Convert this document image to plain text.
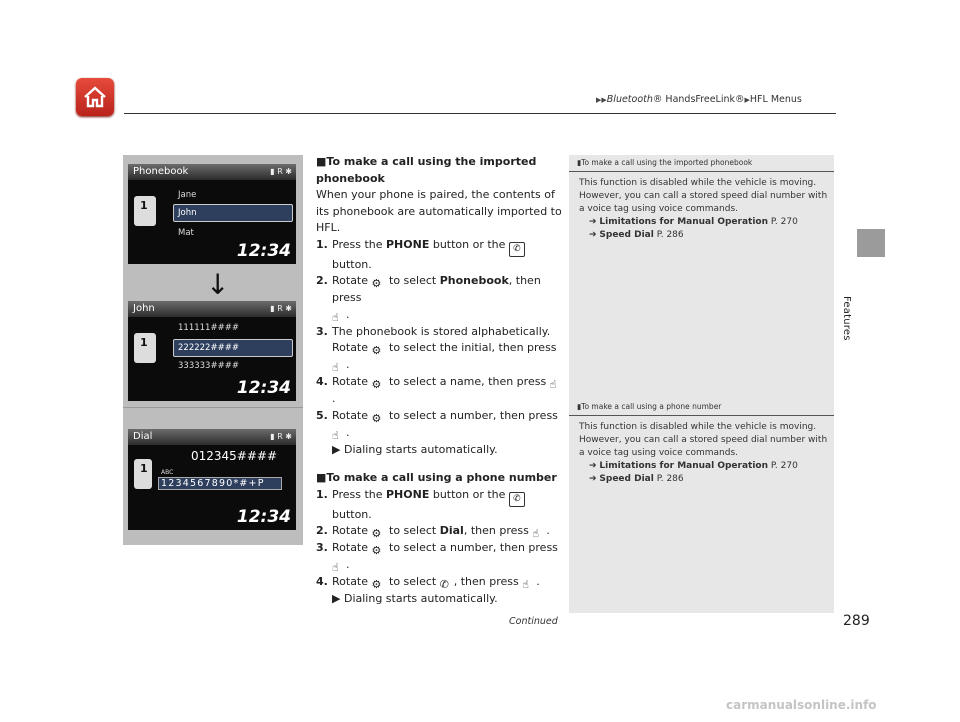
▶▶Bluetooth® HandsFreeLink®▶HFL Menus
Features
Phonebook	▮ R ✱
1
Jane
John
Mat
12:34
↓
John	▮ R ✱
1
111111####
222222####
333333####
12:34
Dial	▮ R ✱
012345####
1 ABC
1234567890*#+P
12:34

■To make a call using the imported phonebook

When your phone is paired, the contents of its phonebook are automatically imported to HFL.

1. Press the PHONE button or the ✆ button.
2. Rotate ⚙ to select Phonebook, then press
☝ .
3. The phonebook is stored alphabetically.
Rotate ⚙ to select the initial, then press
☝ .
4. Rotate ⚙ to select a name, then press ☝.
5. Rotate ⚙ to select a number, then press
☝ .

▶ Dialing starts automatically.

■To make a call using a phone number

1. Press the PHONE button or the ✆ button.
2. Rotate ⚙ to select Dial, then press ☝ .
3. Rotate ⚙ to select a number, then press
☝ .
4. Rotate ⚙ to select ✆ , then press ☝ .

▶ Dialing starts automatically.

▮To make a call using the imported phonebook
This function is disabled while the vehicle is moving. However, you can call a stored speed dial number with a voice tag using voice commands.
➔ Limitations for Manual Operation P. 270
➔ Speed Dial P. 286
▮To make a call using a phone number
This function is disabled while the vehicle is moving. However, you can call a stored speed dial number with a voice tag using voice commands.
➔ Limitations for Manual Operation P. 270
➔ Speed Dial P. 286
Continued	289
carmanualsonline.info
